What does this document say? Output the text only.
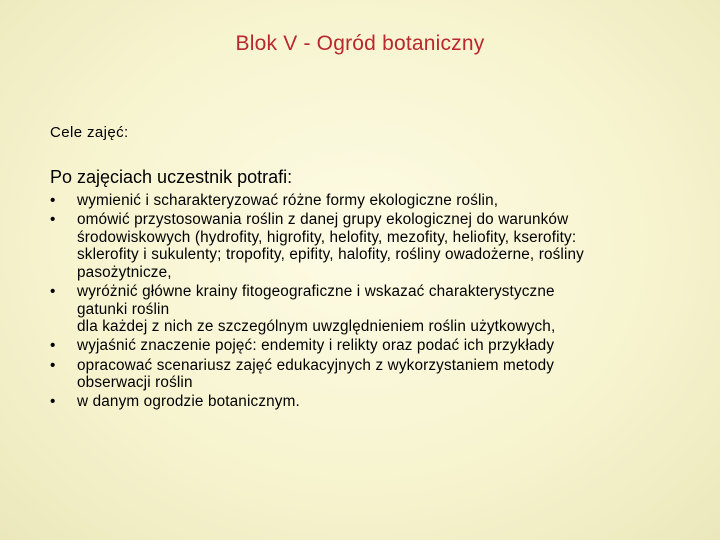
Blok V - Ogród botaniczny
Cele zajęć:
Po zajęciach uczestnik potrafi:
• wymienić i scharakteryzować różne formy ekologiczne roślin,
• omówić przystosowania roślin z danej grupy ekologicznej do warunków
środowiskowych (hydrofity, higrofity, helofity, mezofity, heliofity, kserofity:
sklerofity i sukulenty; tropofity, epifity, halofity, rośliny owadożerne, rośliny
pasożytnicze,
• wyróżnić główne krainy fitogeograficzne i wskazać charakterystyczne
gatunki roślin
dla każdej z nich ze szczególnym uwzględnieniem roślin użytkowych,
• wyjaśnić znaczenie pojęć: endemity i relikty oraz podać ich przykłady
• opracować scenariusz zajęć edukacyjnych z wykorzystaniem metody
obserwacji roślin
• w danym ogrodzie botanicznym.
